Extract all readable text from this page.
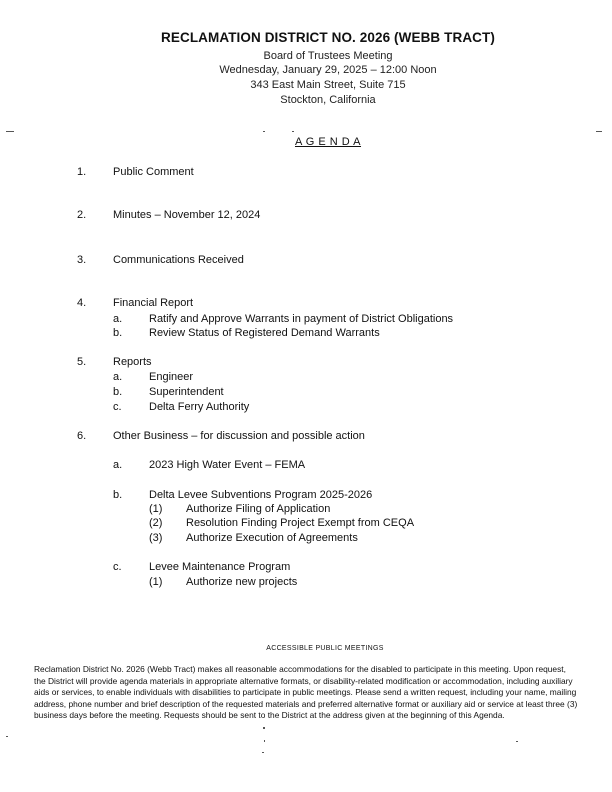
RECLAMATION DISTRICT NO. 2026 (WEBB TRACT)
Board of Trustees Meeting
Wednesday, January 29, 2025 – 12:00 Noon
343 East Main Street, Suite 715
Stockton, California
A G E N D A
1. Public Comment
2. Minutes – November 12, 2024
3. Communications Received
4. Financial Report
a. Ratify and Approve Warrants in payment of District Obligations
b. Review Status of Registered Demand Warrants
5. Reports
a. Engineer
b. Superintendent
c. Delta Ferry Authority
6. Other Business – for discussion and possible action
a. 2023 High Water Event – FEMA
b. Delta Levee Subventions Program 2025-2026
(1) Authorize Filing of Application
(2) Resolution Finding Project Exempt from CEQA
(3) Authorize Execution of Agreements
c. Levee Maintenance Program
(1) Authorize new projects
ACCESSIBLE PUBLIC MEETINGS
Reclamation District No. 2026 (Webb Tract) makes all reasonable accommodations for the disabled to participate in this meeting. Upon request,
the District will provide agenda materials in appropriate alternative formats, or disability-related modification or accommodation, including auxiliary
aids or services, to enable individuals with disabilities to participate in public meetings. Please send a written request, including your name, mailing
address, phone number and brief description of the requested materials and preferred alternative format or auxiliary aid or service at least three (3)
business days before the meeting. Requests should be sent to the District at the address given at the beginning of this Agenda.
